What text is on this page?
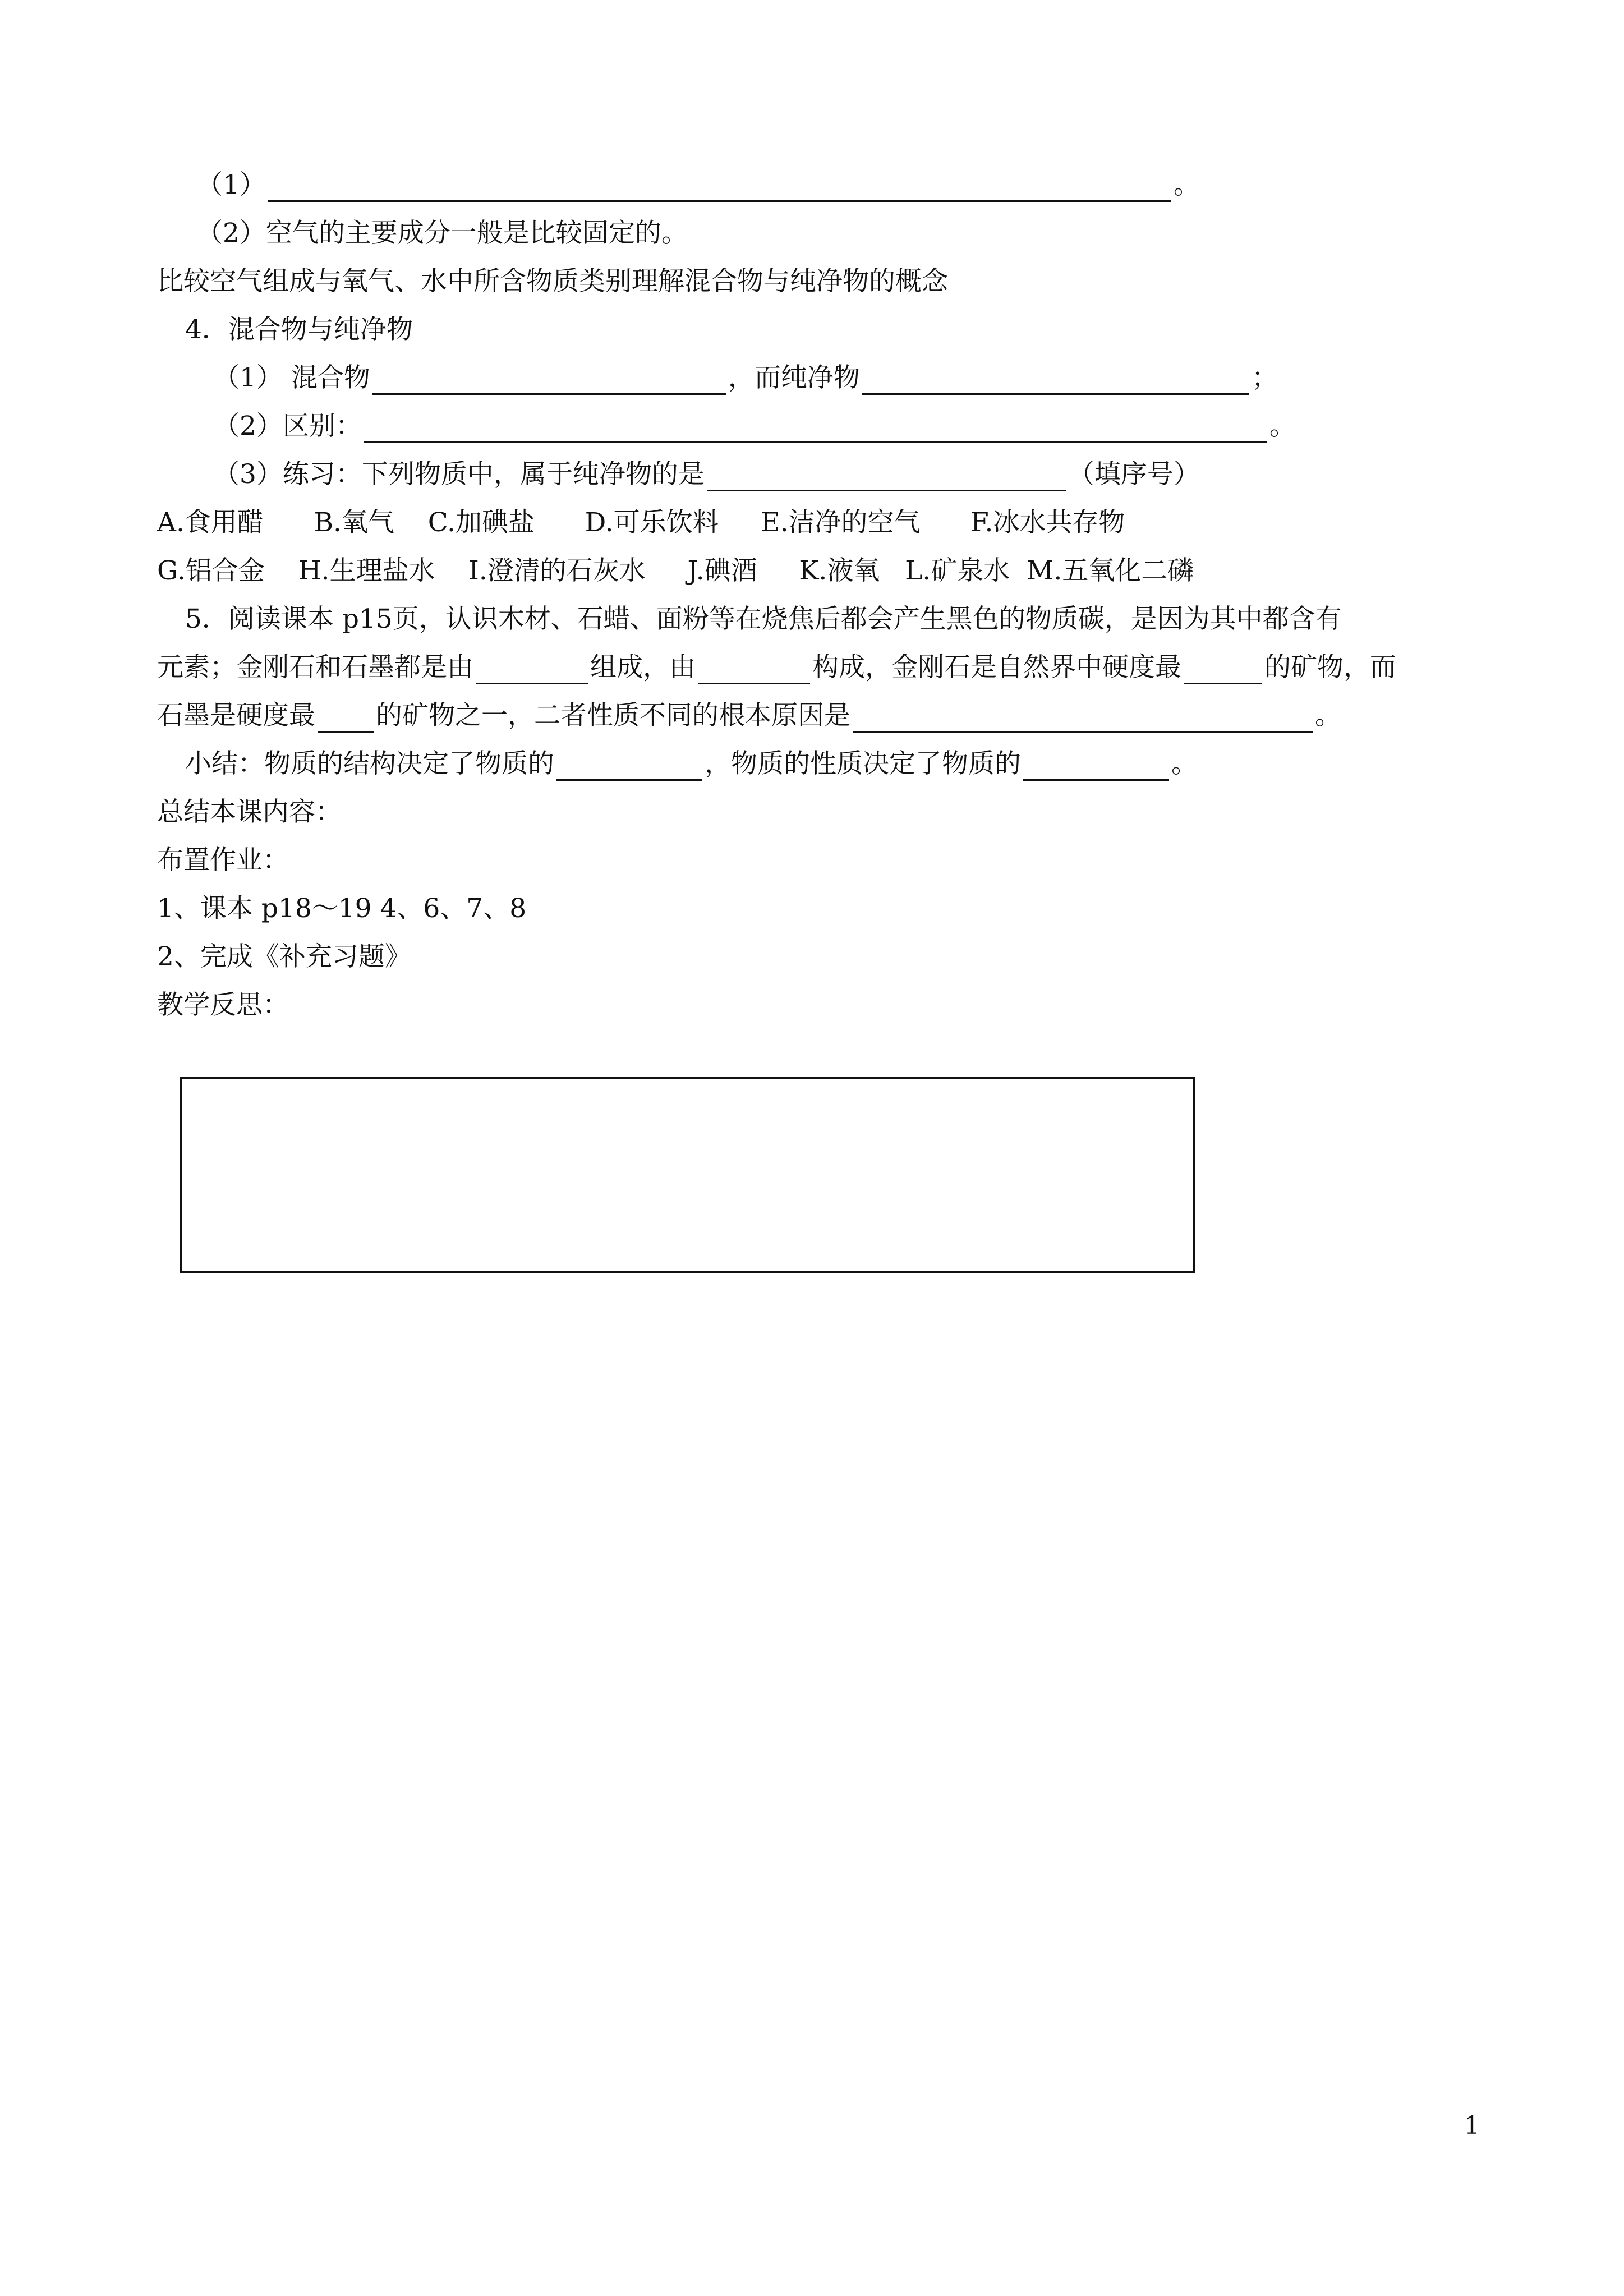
（1）	。
（2）空气的主要成分一般是比较固定的。
比较空气组成与氧气、水中所含物质类别理解混合物与纯净物的概念
4．混合物与纯净物
（1） 混合物	，而纯净物	；
（2）区别：	。
（3）练习：下列物质中，属于纯净物的是	（填序号）
A.食用醋      B.氧气    C.加碘盐      D.可乐饮料     E.洁净的空气      F.冰水共存物
G.铝合金    H.生理盐水    I.澄清的石灰水     J.碘酒     K.液氧   L.矿泉水  M.五氧化二磷
5．阅读课本 p15页，认识木材、石蜡、面粉等在烧焦后都会产生黑色的物质碳，是因为其中都含有
元素；金刚石和石墨都是由	组成，由	构成，金刚石是自然界中硬度最	的矿物，而
石墨是硬度最 的矿物之一，二者性质不同的根本原因是	。
小结：物质的结构决定了物质的	，物质的性质决定了物质的	。
总结本课内容：
布置作业：
1、课本 p18～19 4、6、7、8
2、完成《补充习题》
教学反思：
1
